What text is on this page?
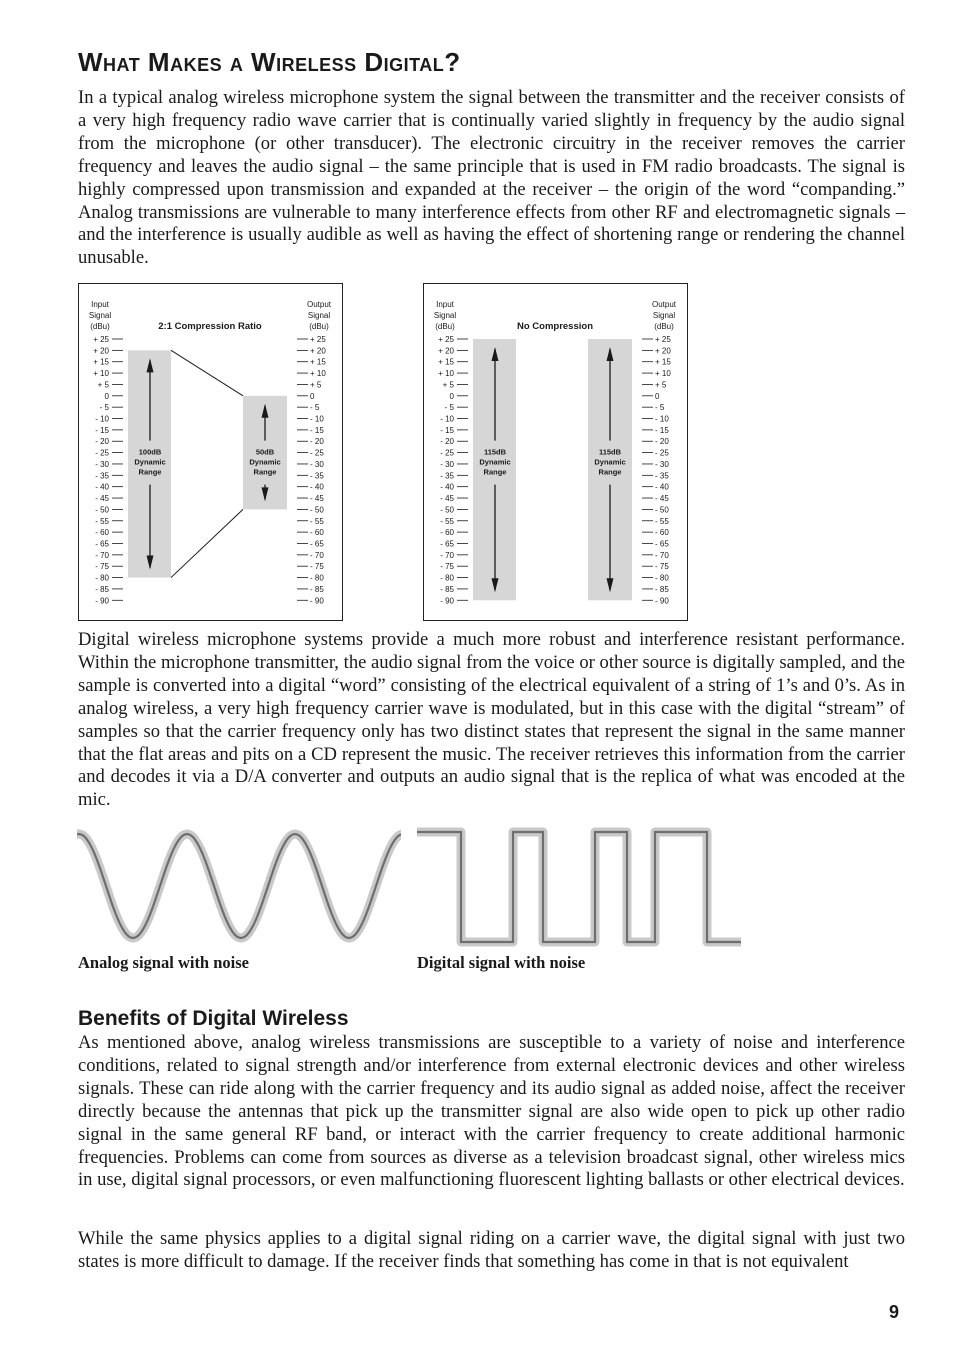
What Makes a Wireless Digital?

In a typical analog wireless microphone system the signal between the transmitter and the receiver consists of a very high frequency radio wave carrier that is continually varied slightly in frequency by the audio signal from the microphone (or other transducer). The electronic circuitry in the receiver removes the carrier frequency and leaves the audio signal – the same principle that is used in FM radio broadcasts. The signal is highly compressed upon transmission and expanded at the receiver – the origin of the word “companding.” Analog transmissions are vulnerable to many interference effects from other RF and electromagnetic signals – and the interference is usually audible as well as having the effect of shortening range or rendering the channel unusable.

Input
Signal
(dBu)
Output
Signal
(dBu)
2:1 Compression Ratio
+ 25
+ 20
+ 15
+ 10
+ 5
0
- 5
- 10
- 15
- 20
- 25
- 30
- 35
- 40
- 45
- 50
- 55
- 60
- 65
- 70
- 75
- 80
- 85
- 90
+ 25
+ 20
+ 15
+ 10
+ 5
0
- 5
- 10
- 15
- 20
- 25
- 30
- 35
- 40
- 45
- 50
- 55
- 60
- 65
- 70
- 75
- 80
- 85
- 90
100dB
Dynamic
Range
50dB
Dynamic
Range
Input
Signal
(dBu)
Output
Signal
(dBu)
No Compression
+ 25
+ 20
+ 15
+ 10
+ 5
0
- 5
- 10
- 15
- 20
- 25
- 30
- 35
- 40
- 45
- 50
- 55
- 60
- 65
- 70
- 75
- 80
- 85
- 90
+ 25
+ 20
+ 15
+ 10
+ 5
0
- 5
- 10
- 15
- 20
- 25
- 30
- 35
- 40
- 45
- 50
- 55
- 60
- 65
- 70
- 75
- 80
- 85
- 90
115dB
Dynamic
Range
115dB
Dynamic
Range

Digital wireless microphone systems provide a much more robust and interference resistant performance. Within the microphone transmitter, the audio signal from the voice or other source is digitally sampled, and the sample is converted into a digital “word” consisting of the electrical equivalent of a string of 1’s and 0’s. As in analog wireless, a very high frequency carrier wave is modulated, but in this case with the digital “stream” of samples so that the carrier frequency only has two distinct states that represent the signal in the same manner that the flat areas and pits on a CD represent the music. The receiver retrieves this information from the carrier and decodes it via a D/A converter and outputs an audio signal that is the replica of what was encoded at the mic.

Analog signal with noise	Digital signal with noise

Benefits of Digital Wireless

As mentioned above, analog wireless transmissions are susceptible to a variety of noise and interference conditions, related to signal strength and/or interference from external electronic devices and other wireless signals. These can ride along with the carrier frequency and its audio signal as added noise, affect the receiver directly because the antennas that pick up the transmitter signal are also wide open to pick up other radio signal in the same general RF band, or interact with the carrier frequency to create additional harmonic frequencies. Problems can come from sources as diverse as a television broadcast signal, other wireless mics in use, digital signal processors, or even malfunctioning fluorescent lighting ballasts or other electrical devices.

While the same physics applies to a digital signal riding on a carrier wave, the digital signal with just two states is more difficult to damage. If the receiver finds that something has come in that is not equivalent

9
